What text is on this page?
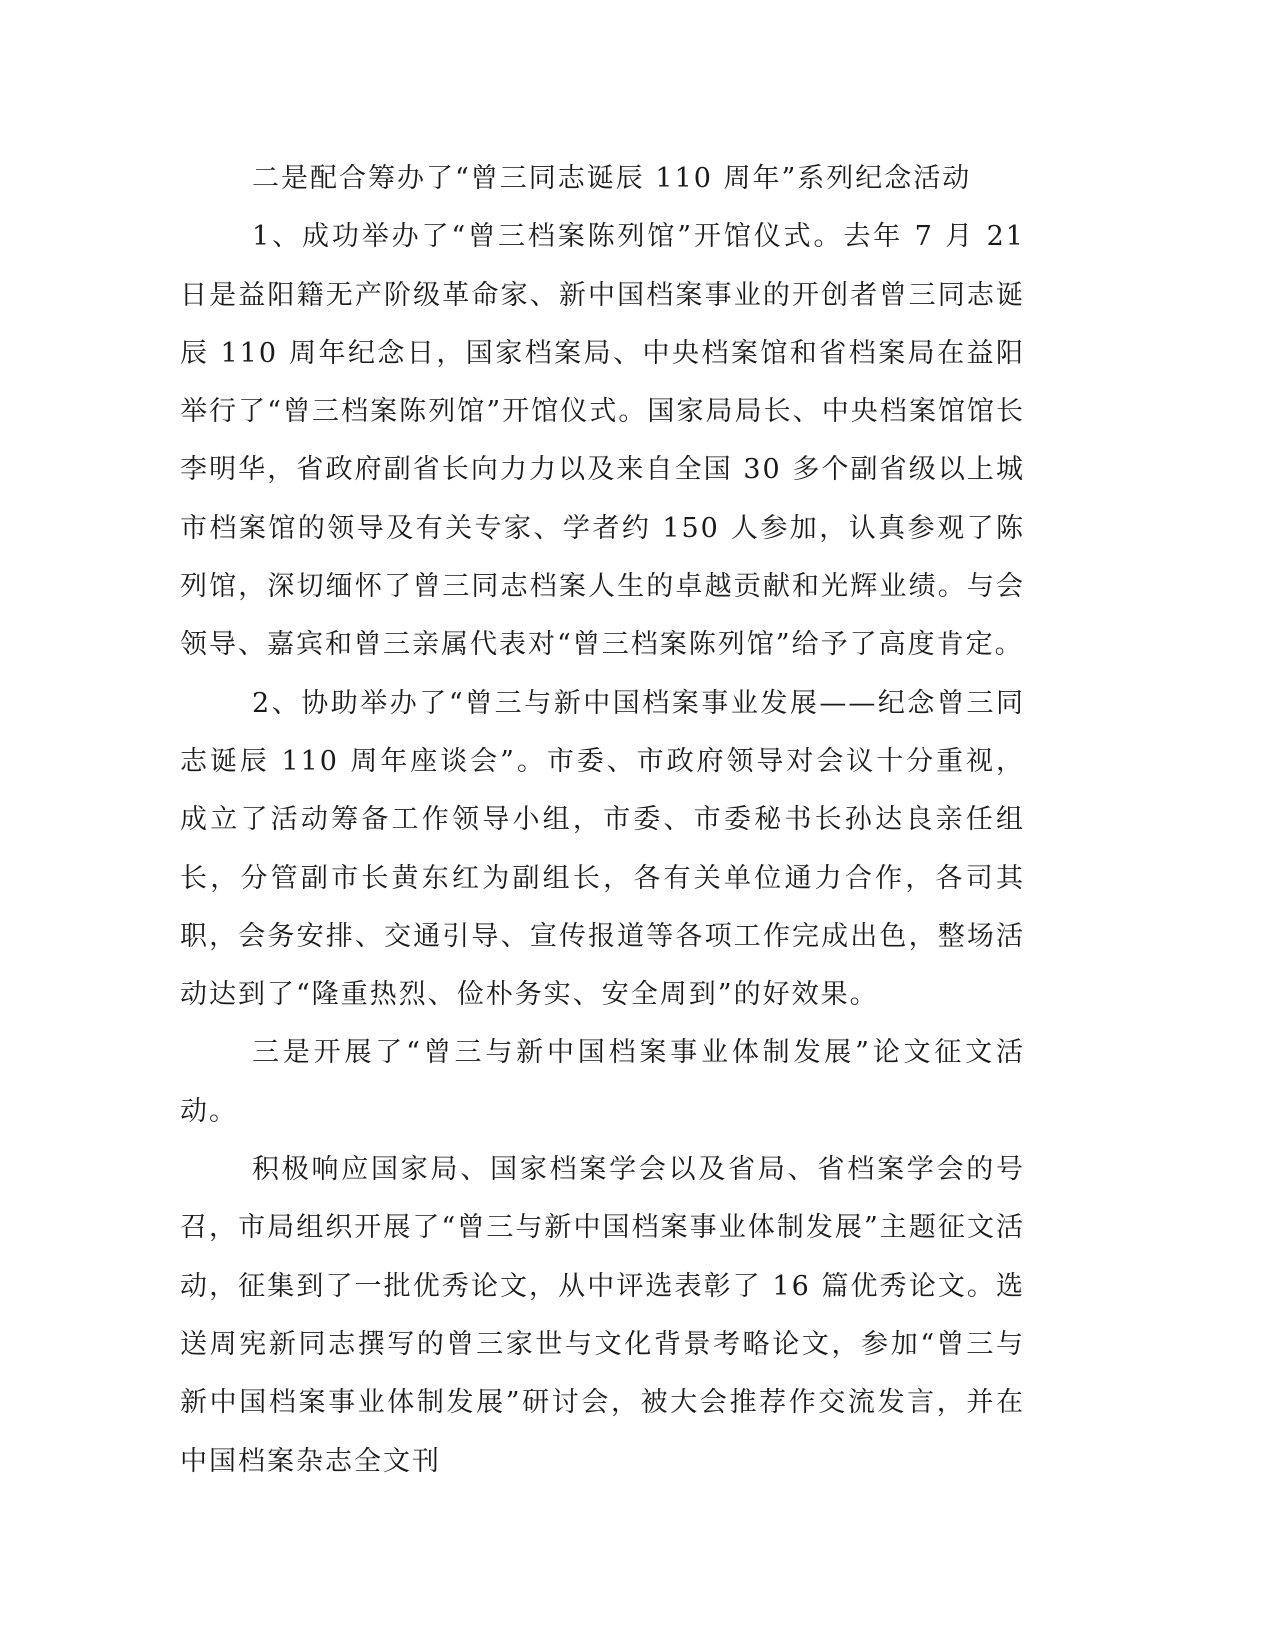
二是配合筹办了“曾三同志诞辰 110 周年”系列纪念活动

1、成功举办了“曾三档案陈列馆”开馆仪式。去年 7 月 21 日是益阳籍无产阶级革命家、新中国档案事业的开创者曾三同志诞辰 110 周年纪念日，国家档案局、中央档案馆和省档案局在益阳举行了“曾三档案陈列馆”开馆仪式。国家局局长、中央档案馆馆长李明华，省政府副省长向力力以及来自全国 30 多个副省级以上城市档案馆的领导及有关专家、学者约 150 人参加，认真参观了陈列馆，深切缅怀了曾三同志档案人生的卓越贡献和光辉业绩。与会领导、嘉宾和曾三亲属代表对“曾三档案陈列馆”给予了高度肯定。

2、协助举办了“曾三与新中国档案事业发展——纪念曾三同志诞辰 110 周年座谈会”。市委、市政府领导对会议十分重视，成立了活动筹备工作领导小组，市委、市委秘书长孙达良亲任组长，分管副市长黄东红为副组长，各有关单位通力合作，各司其职，会务安排、交通引导、宣传报道等各项工作完成出色，整场活动达到了“隆重热烈、俭朴务实、安全周到”的好效果。

三是开展了“曾三与新中国档案事业体制发展”论文征文活动。

积极响应国家局、国家档案学会以及省局、省档案学会的号召，市局组织开展了“曾三与新中国档案事业体制发展”主题征文活动，征集到了一批优秀论文，从中评选表彰了 16 篇优秀论文。选送周宪新同志撰写的曾三家世与文化背景考略论文，参加“曾三与新中国档案事业体制发展”研讨会，被大会推荐作交流发言，并在中国档案杂志全文刊
